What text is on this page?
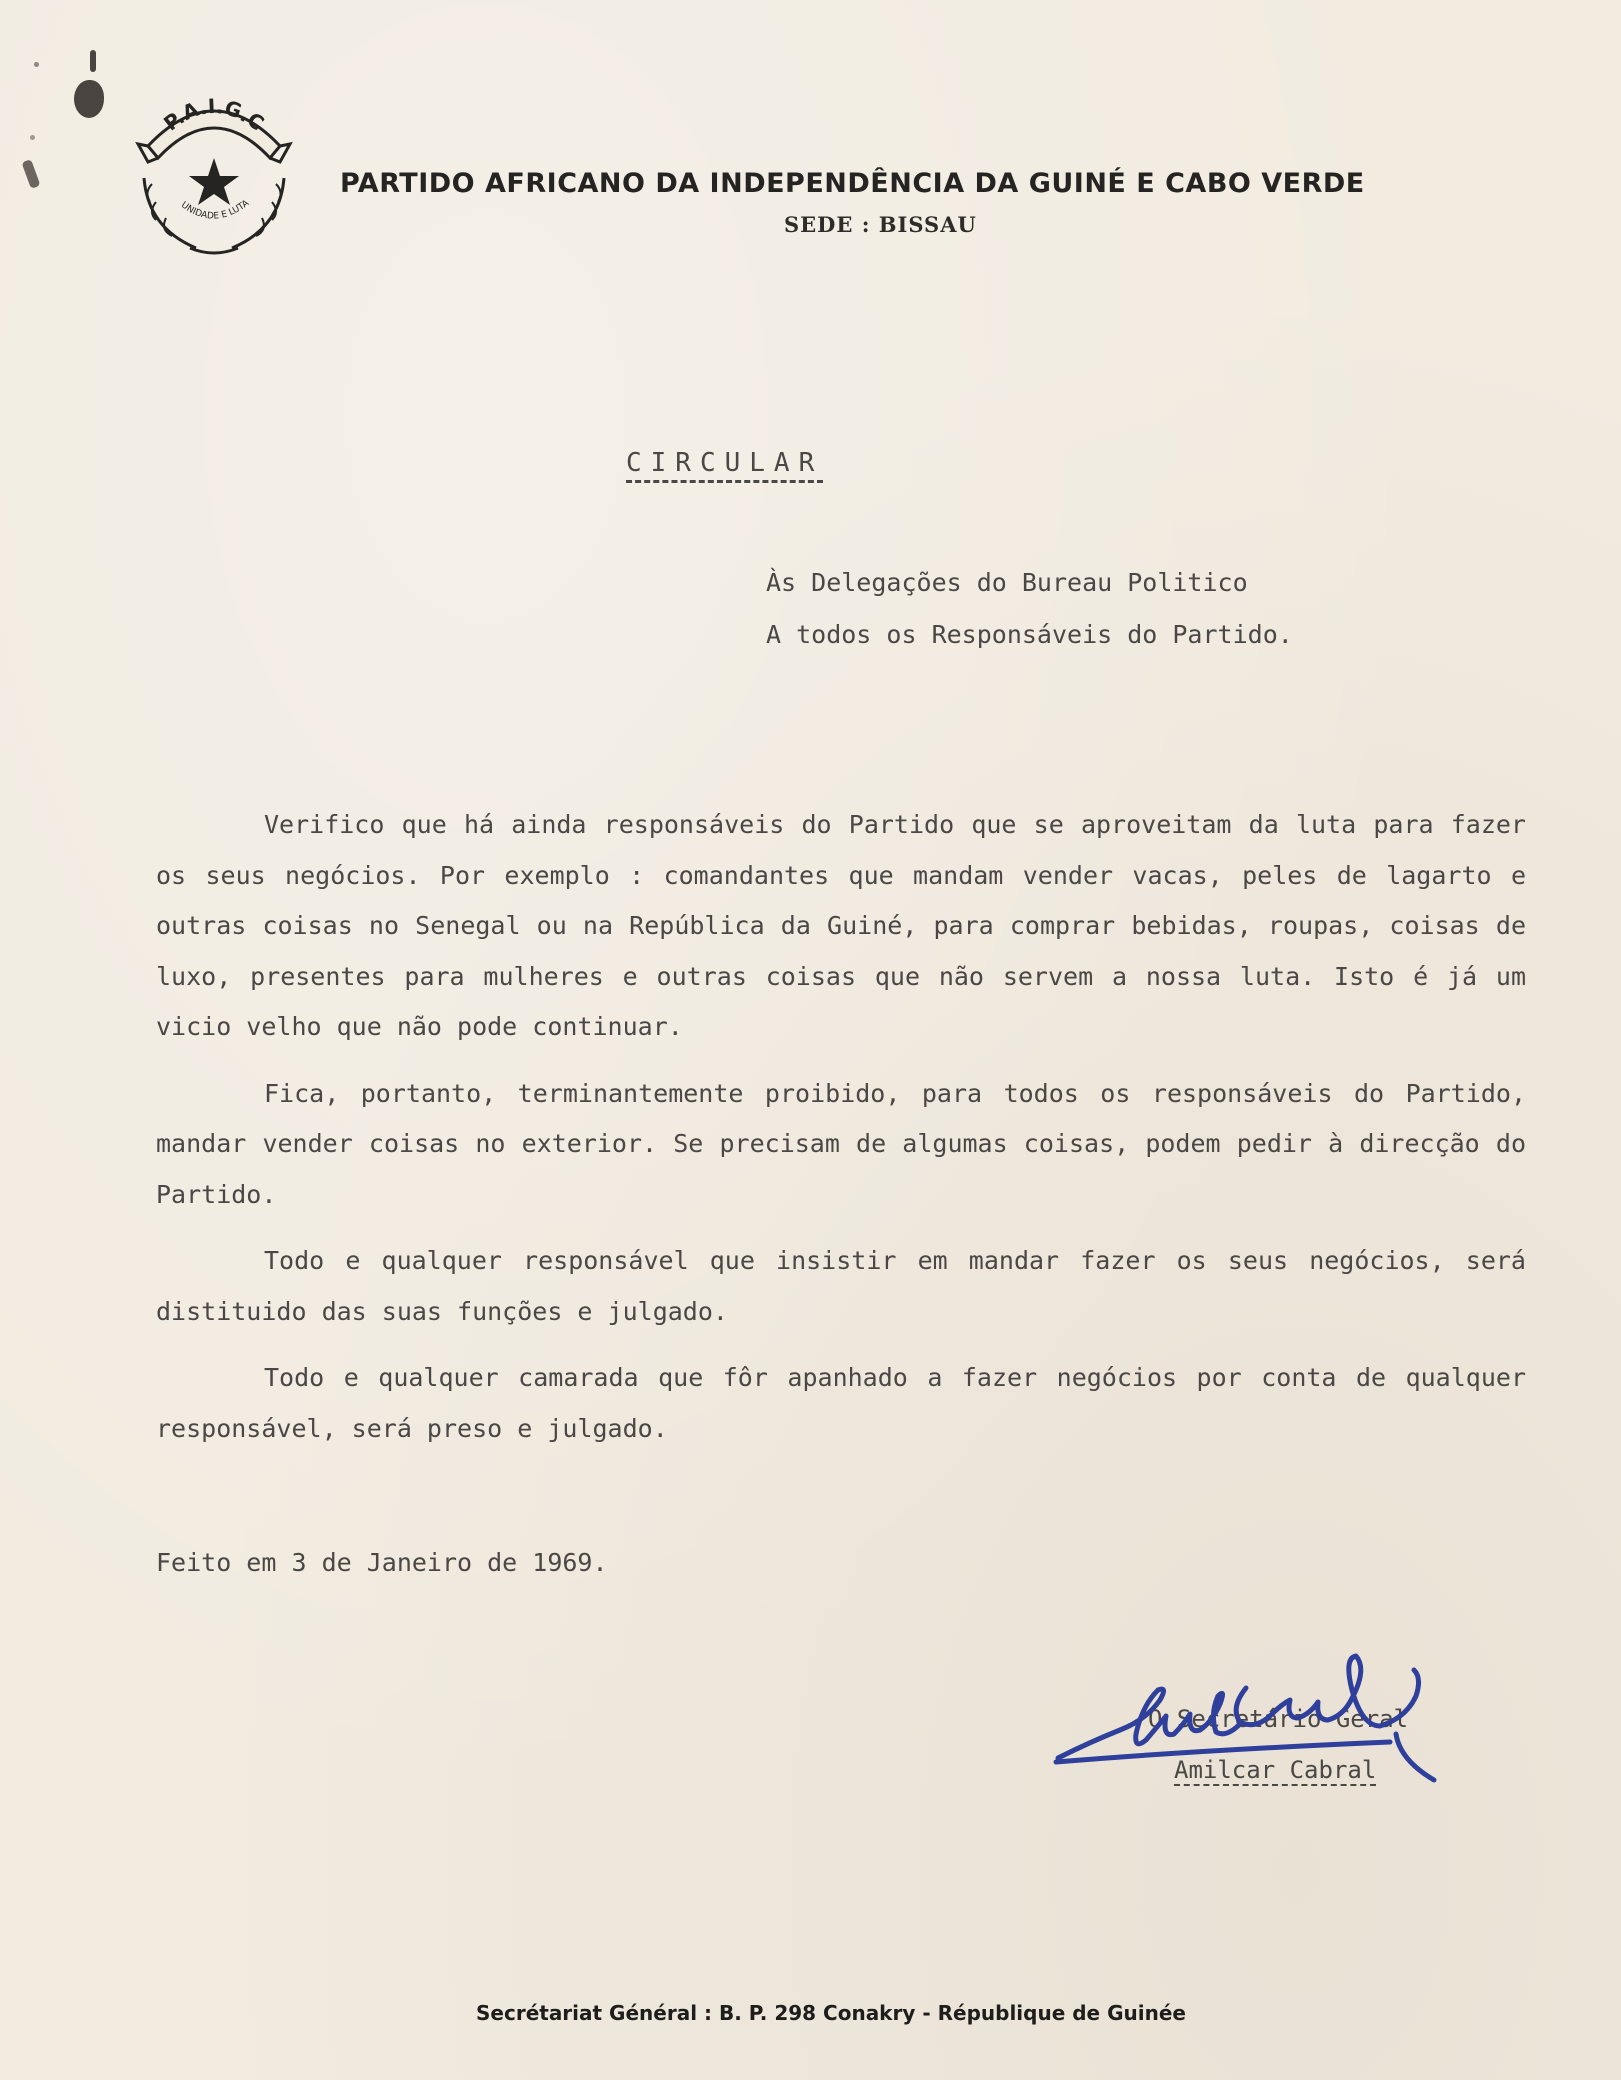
P.A.I.G.C
UNIDADE E LUTA
PARTIDO AFRICANO DA INDEPENDÊNCIA DA GUINÉ E CABO VERDE
SEDE : BISSAU
CIRCULAR
Às Delegações do Bureau Politico
A todos os Responsáveis do Partido.

Verifico que há ainda responsáveis do Partido que se aproveitam da luta para fazer os seus negócios. Por exemplo : comandantes que mandam vender vacas, peles de lagarto e outras coisas no Senegal ou na República da Guiné, para comprar bebidas, roupas, coisas de luxo, presentes para mulheres e outras coisas que não servem a nossa luta. Isto é já um vicio velho que não pode continuar.

Fica, portanto, terminantemente proibido, para todos os responsáveis do Partido, mandar vender coisas no exterior. Se precisam de algumas coisas, podem pedir à direcção do Partido.

Todo e qualquer responsável que insistir em mandar fazer os seus negócios, será distituido das suas funções e julgado.

Todo e qualquer camarada que fôr apanhado a fazer negócios por conta de qualquer responsável, será preso e julgado.

Feito em 3 de Janeiro de 1969.
O Secretário Geral
Amilcar Cabral
Secrétariat Général : B. P. 298 Conakry - République de Guinée
